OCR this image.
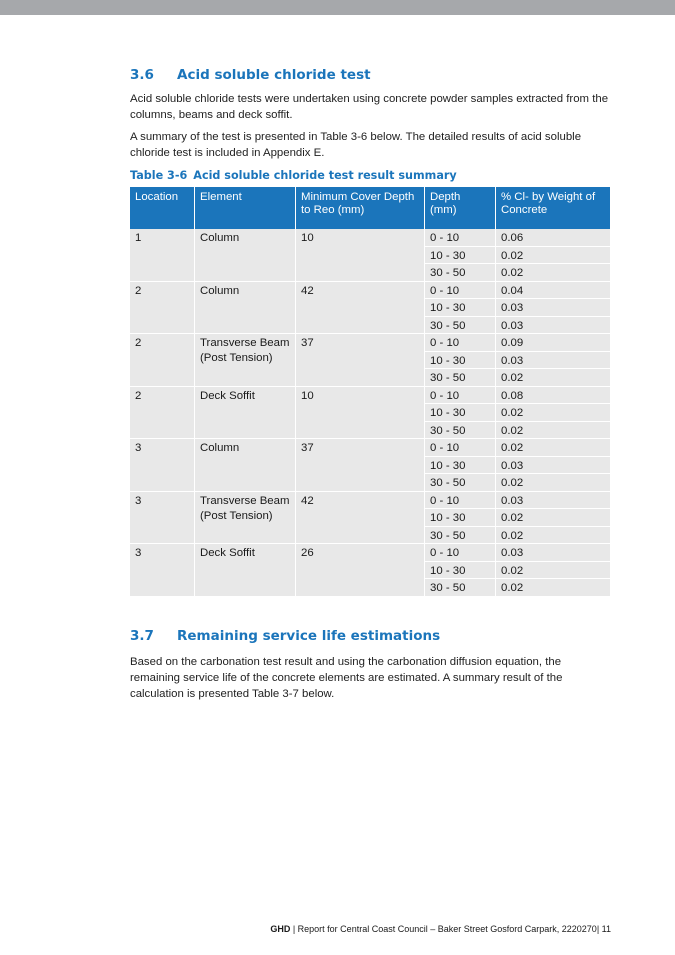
3.6	Acid soluble chloride test

Acid soluble chloride tests were undertaken using concrete powder samples extracted from the columns, beams and deck soffit.

A summary of the test is presented in Table 3-6 below. The detailed results of acid soluble chloride test is included in Appendix E.

Table 3-6 Acid soluble chloride test result summary
Location	Element	Minimum Cover Depth to Reo (mm)	Depth (mm)	% Cl- by Weight of Concrete
1	Column	10	0 - 10	0.06
			10 - 30	0.02
			30 - 50	0.02
2	Column	42	0 - 10	0.04
			10 - 30	0.03
			30 - 50	0.03
2	Transverse Beam (Post Tension)	37	0 - 10	0.09
			10 - 30	0.03
			30 - 50	0.02
2	Deck Soffit	10	0 - 10	0.08
			10 - 30	0.02
			30 - 50	0.02
3	Column	37	0 - 10	0.02
			10 - 30	0.03
			30 - 50	0.02
3	Transverse Beam (Post Tension)	42	0 - 10	0.03
			10 - 30	0.02
			30 - 50	0.02
3	Deck Soffit	26	0 - 10	0.03
			10 - 30	0.02
			30 - 50	0.02
3.7	Remaining service life estimations

Based on the carbonation test result and using the carbonation diffusion equation, the remaining service life of the concrete elements are estimated. A summary result of the calculation is presented Table 3-7 below.

GHD | Report for Central Coast Council – Baker Street Gosford Carpark, 2220270| 11
